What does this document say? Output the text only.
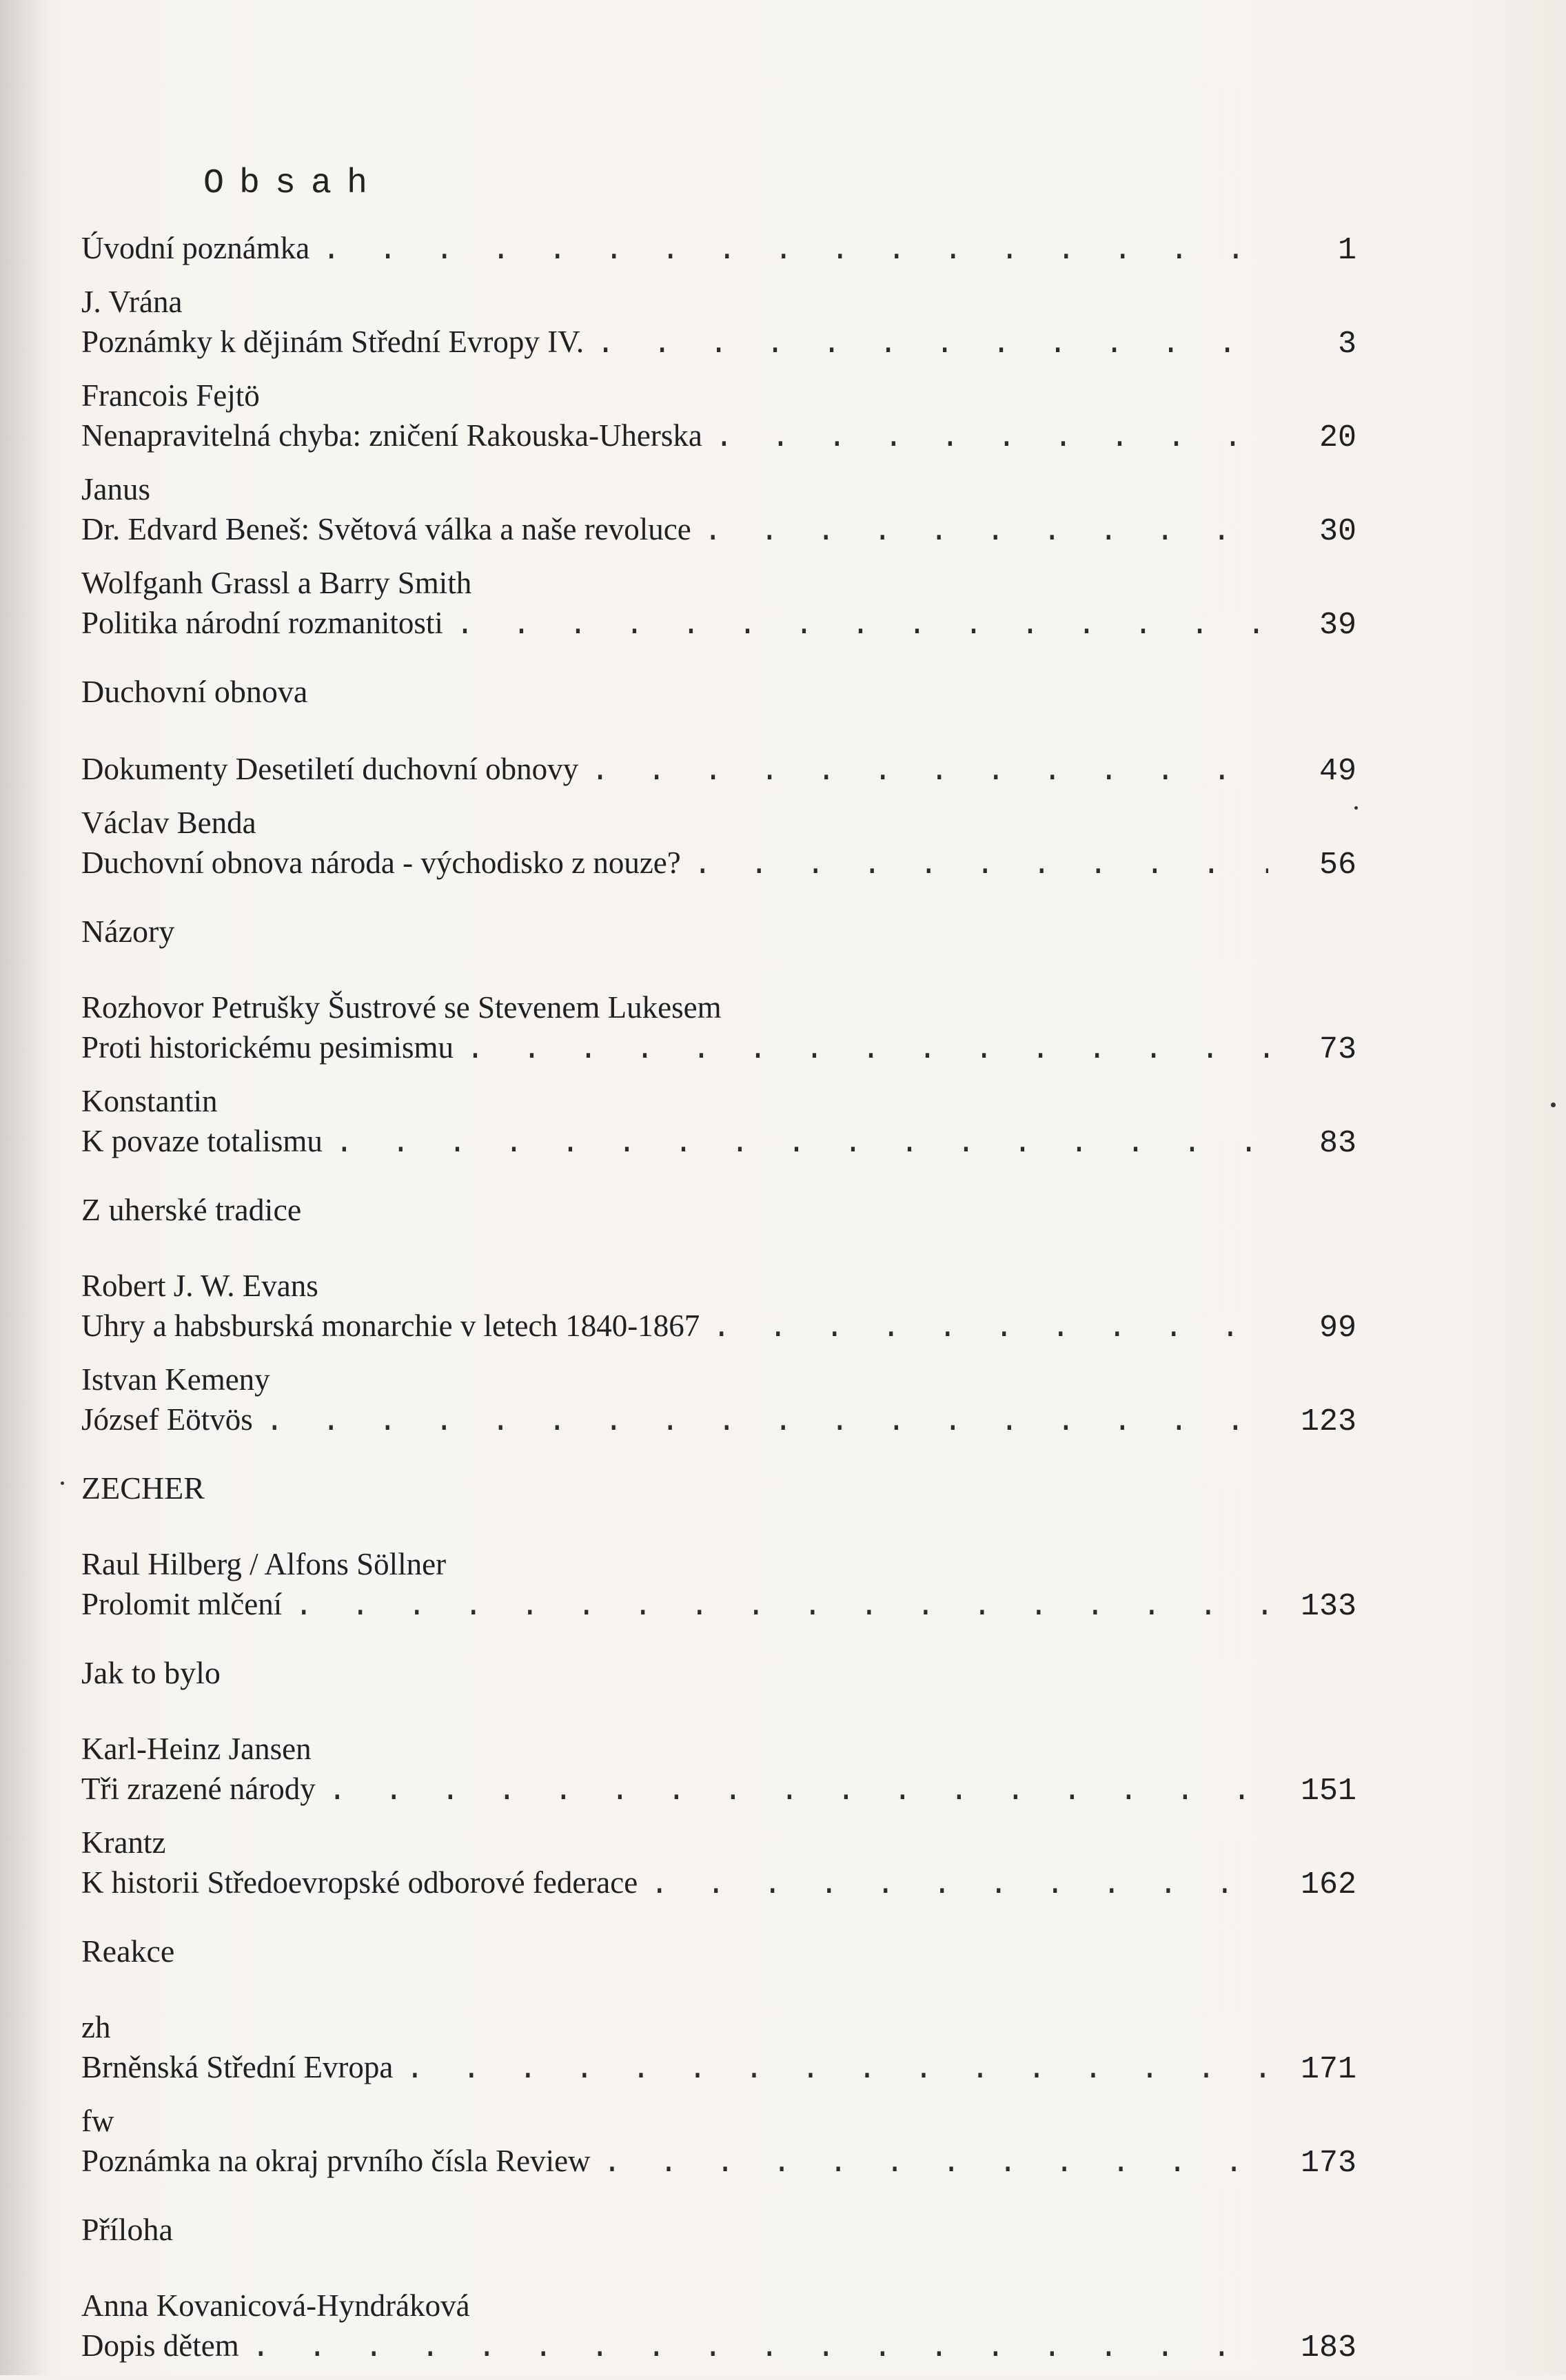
Obsah
Úvodní poznámka . . .	1
J. Vrána
Poznámky k dějinám Střední Evropy IV. . . .	3
Francois Fejtö
Nenapravitelná chyba: zničení Rakouska-Uherska . . .	20
Janus
Dr. Edvard Beneš: Světová válka a naše revoluce . . .	30
Wolfganh Grassl a Barry Smith
Politika národní rozmanitosti . . .	39
Duchovní obnova
Dokumenty Desetiletí duchovní obnovy . . .	49
Václav Benda
Duchovní obnova národa - východisko z nouze? . . .	56
Názory
Rozhovor Petrušky Šustrové se Stevenem Lukesem
Proti historickému pesimismu . . .	73
Konstantin
K povaze totalismu . . .	83
Z uherské tradice
Robert J. W. Evans
Uhry a habsburská monarchie v letech 1840-1867 . . .	99
Istvan Kemeny
József Eötvös . . .	123
ZECHER
Raul Hilberg / Alfons Söllner
Prolomit mlčení . . .	133
Jak to bylo
Karl-Heinz Jansen
Tři zrazené národy . . .	151
Krantz
K historii Středoevropské odborové federace . . .	162
Reakce
zh
Brněnská Střední Evropa . . .	171
fw
Poznámka na okraj prvního čísla Review . . .	173
Příloha
Anna Kovanicová-Hyndráková
Dopis dětem . . .	183
